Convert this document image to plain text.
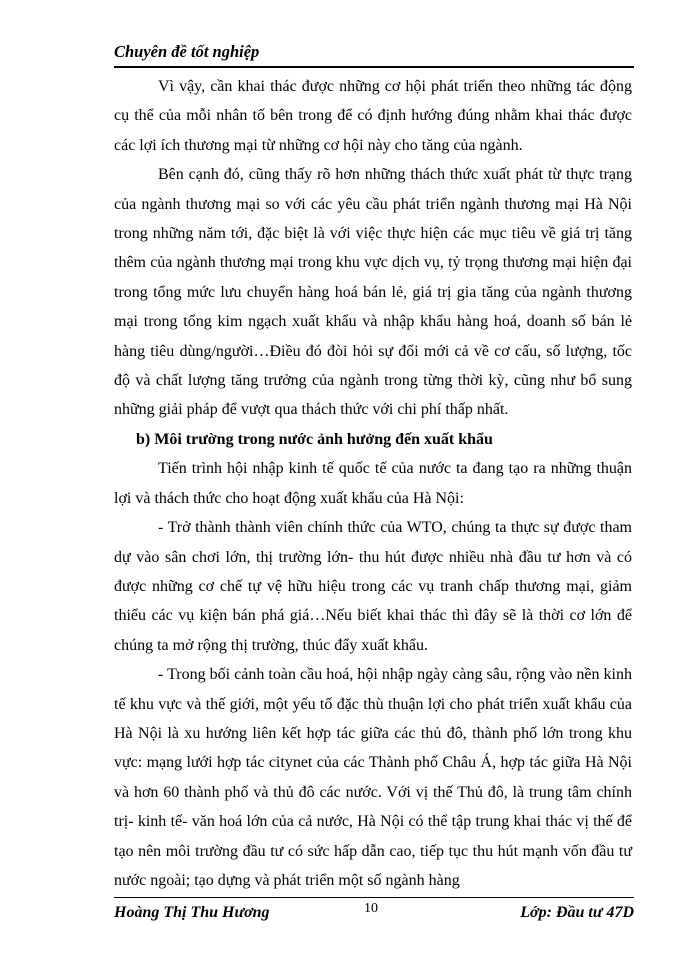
Chuyên đề tốt nghiệp

Vì vậy, cần khai thác được những cơ hội phát triển theo những tác động cụ thể của mỗi nhân tố bên trong để có định hướng đúng nhằm khai thác được các lợi ích thương mại từ những cơ hội này cho tăng của ngành.

Bên cạnh đó, cũng thấy rõ hơn những thách thức xuất phát từ thực trạng của ngành thương mại so với các yêu cầu phát triển ngành thương mại Hà Nội trong những năm tới, đặc biệt là với việc thực hiện các mục tiêu về giá trị tăng thêm của ngành thương mại trong khu vực dịch vụ, tỷ trọng thương mại hiện đại trong tổng mức lưu chuyển hàng hoá bán lẻ, giá trị gia tăng của ngành thương mại trong tổng kim ngạch xuất khẩu và nhập khẩu hàng hoá, doanh số bán lẻ hàng tiêu dùng/người…Điều đó đòi hỏi sự đổi mới cả về cơ cấu, số lượng, tốc độ và chất lượng tăng trưởng của ngành trong từng thời kỳ, cũng như bổ sung những giải pháp để vượt qua thách thức với chi phí thấp nhất.

b) Môi trường trong nước ảnh hưởng đến xuất khẩu

Tiến trình hội nhập kinh tế quốc tế của nước ta đang tạo ra những thuận lợi và thách thức cho hoạt động xuất khẩu của Hà Nội:

- Trở thành thành viên chính thức của WTO, chúng ta thực sự được tham dự vào sân chơi lớn, thị trường lớn- thu hút được nhiều nhà đầu tư hơn và có được những cơ chế tự vệ hữu hiệu trong các vụ tranh chấp thương mại, giảm thiểu các vụ kiện bán phá giá…Nếu biết khai thác thì đây sẽ là thời cơ lớn để chúng ta mở rộng thị trường, thúc đẩy xuất khẩu.

- Trong bối cảnh toàn cầu hoá, hội nhập ngày càng sâu, rộng vào nền kinh tế khu vực và thế giới, một yếu tố đặc thù thuận lợi cho phát triển xuất khẩu của Hà Nội là xu hướng liên kết hợp tác giữa các thủ đô, thành phố lớn trong khu vực: mạng lưới hợp tác citynet của các Thành phố Châu Á, hợp tác giữa Hà Nội và hơn 60 thành phố và thủ đô các nước. Với vị thế Thủ đô, là trung tâm chính trị- kinh tế- văn hoá lớn của cả nước, Hà Nội có thể tập trung khai thác vị thế để tạo nên môi trường đầu tư có sức hấp dẫn cao, tiếp tục thu hút mạnh vốn đầu tư nước ngoài; tạo dựng và phát triển một số ngành hàng

Hoàng Thị Thu Hương	10	Lớp: Đầu tư 47D
